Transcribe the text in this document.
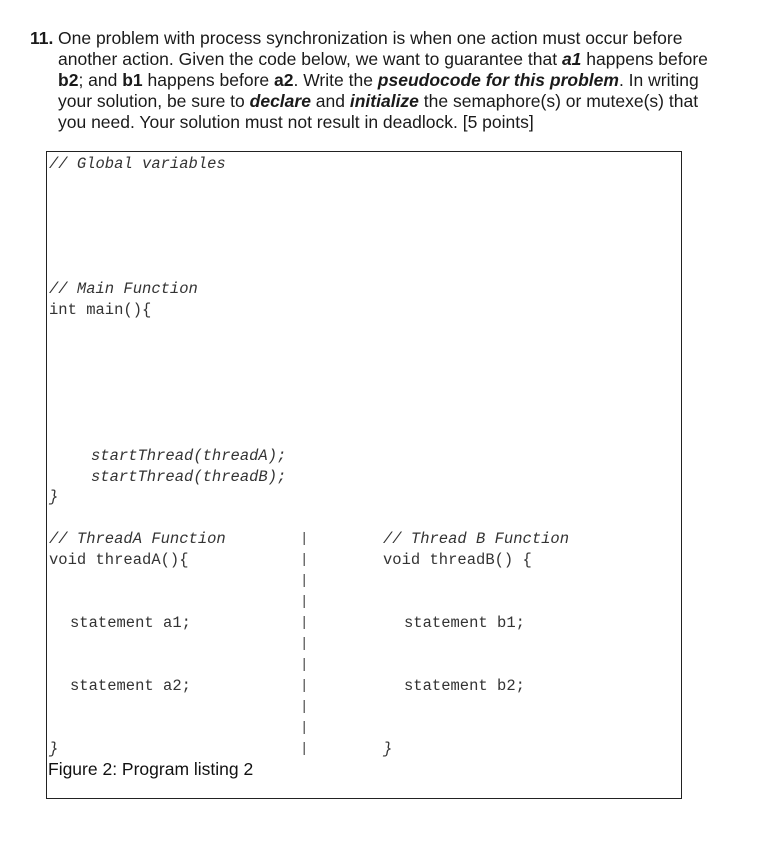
11. One problem with process synchronization is when one action must occur before another action. Given the code below, we want to guarantee that a1 happens before b2; and b1 happens before a2. Write the pseudocode for this problem. In writing your solution, be sure to declare and initialize the semaphore(s) or mutexe(s) that you need. Your solution must not result in deadlock. [5 points]
// Global variables
// Main Function
int main(){
startThread(threadA);
startThread(threadB);
}
// ThreadA Function
void threadA(){
statement a1;
statement a2;
}
// Thread B Function
void threadB() {
statement b1;
statement b2;
}
|
|
|
|
|
|
|
|
|
|
|
Figure 2: Program listing 2
